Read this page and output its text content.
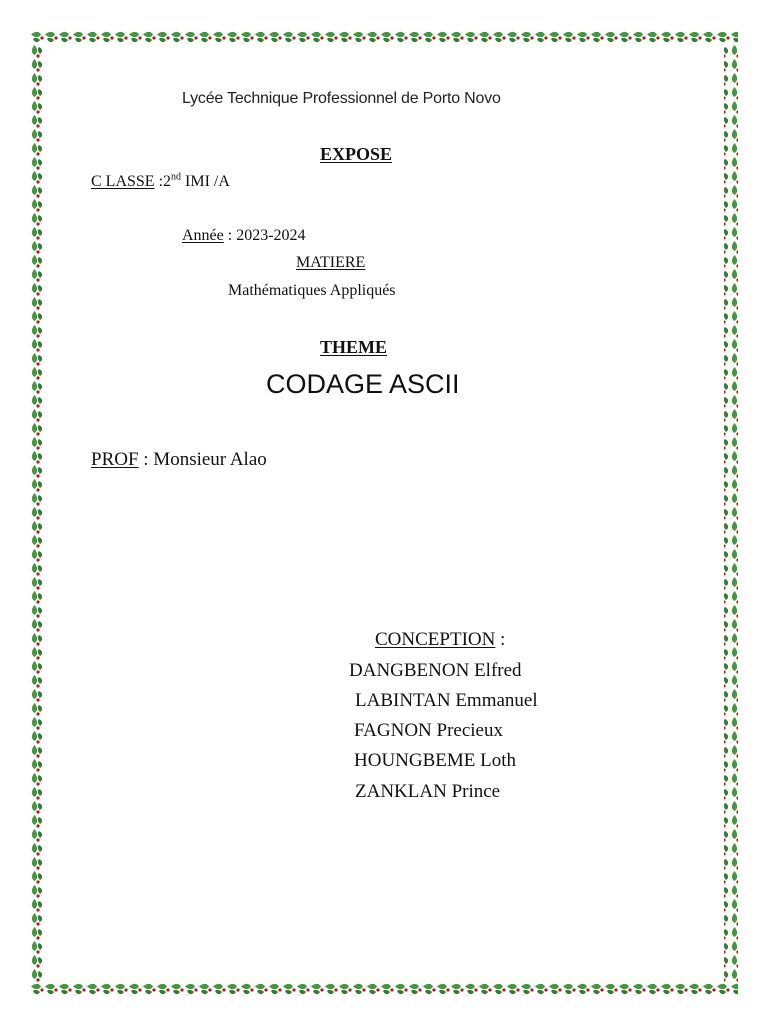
Lycée Technique Professionnel de Porto Novo
EXPOSE
C LASSE :2nd IMI /A
Année : 2023-2024
MATIERE
Mathématiques Appliqués
THEME
CODAGE ASCII
PROF : Monsieur Alao
CONCEPTION :
DANGBENON Elfred
LABINTAN Emmanuel
FAGNON Precieux
HOUNGBEME Loth
ZANKLAN Prince
